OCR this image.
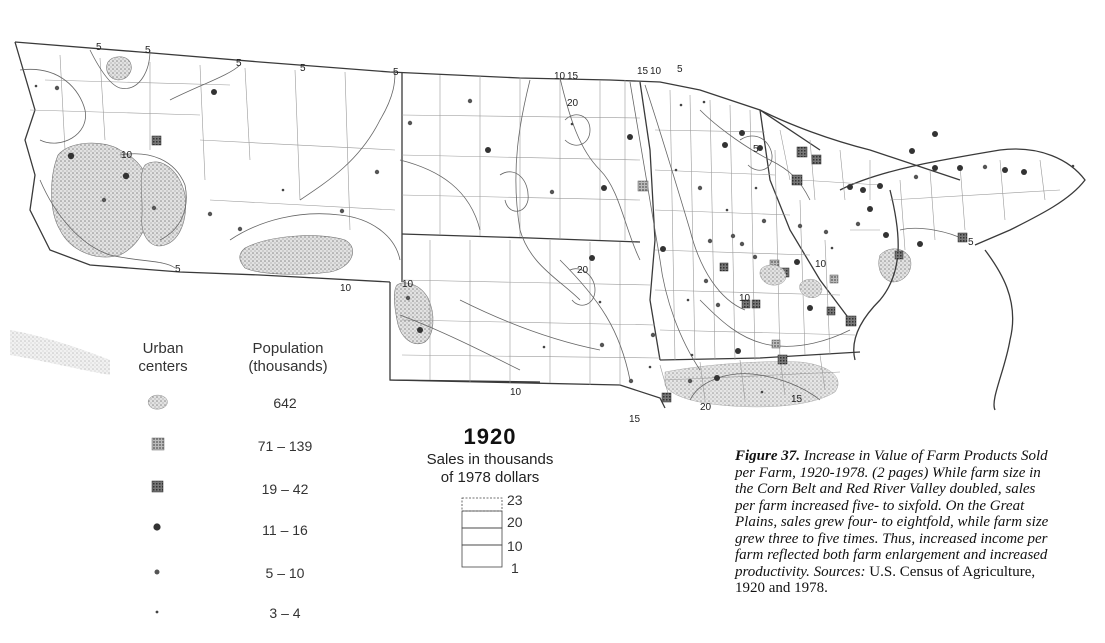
5	5
5	5	5	10 15	15 10 5
20
10
5
10
20
10
10
5
10
10
20
15
15
5
Urban
centers
Population
(thousands)
642
71 – 139
19 – 42
11 – 16
5 – 10
3 – 4
1920
Sales in thousands
of 1978 dollars
23
20
10
1
Figure 37. Increase in Value of Farm Products Sold per Farm, 1920-1978. (2 pages) While farm size in the Corn Belt and Red River Valley doubled, sales per farm increased five- to sixfold. On the Great Plains, sales grew four- to eightfold, while farm size grew three to five times. Thus, increased income per farm reflected both farm enlargement and increased productivity. Sources: U.S. Census of Agriculture, 1920 and 1978.
